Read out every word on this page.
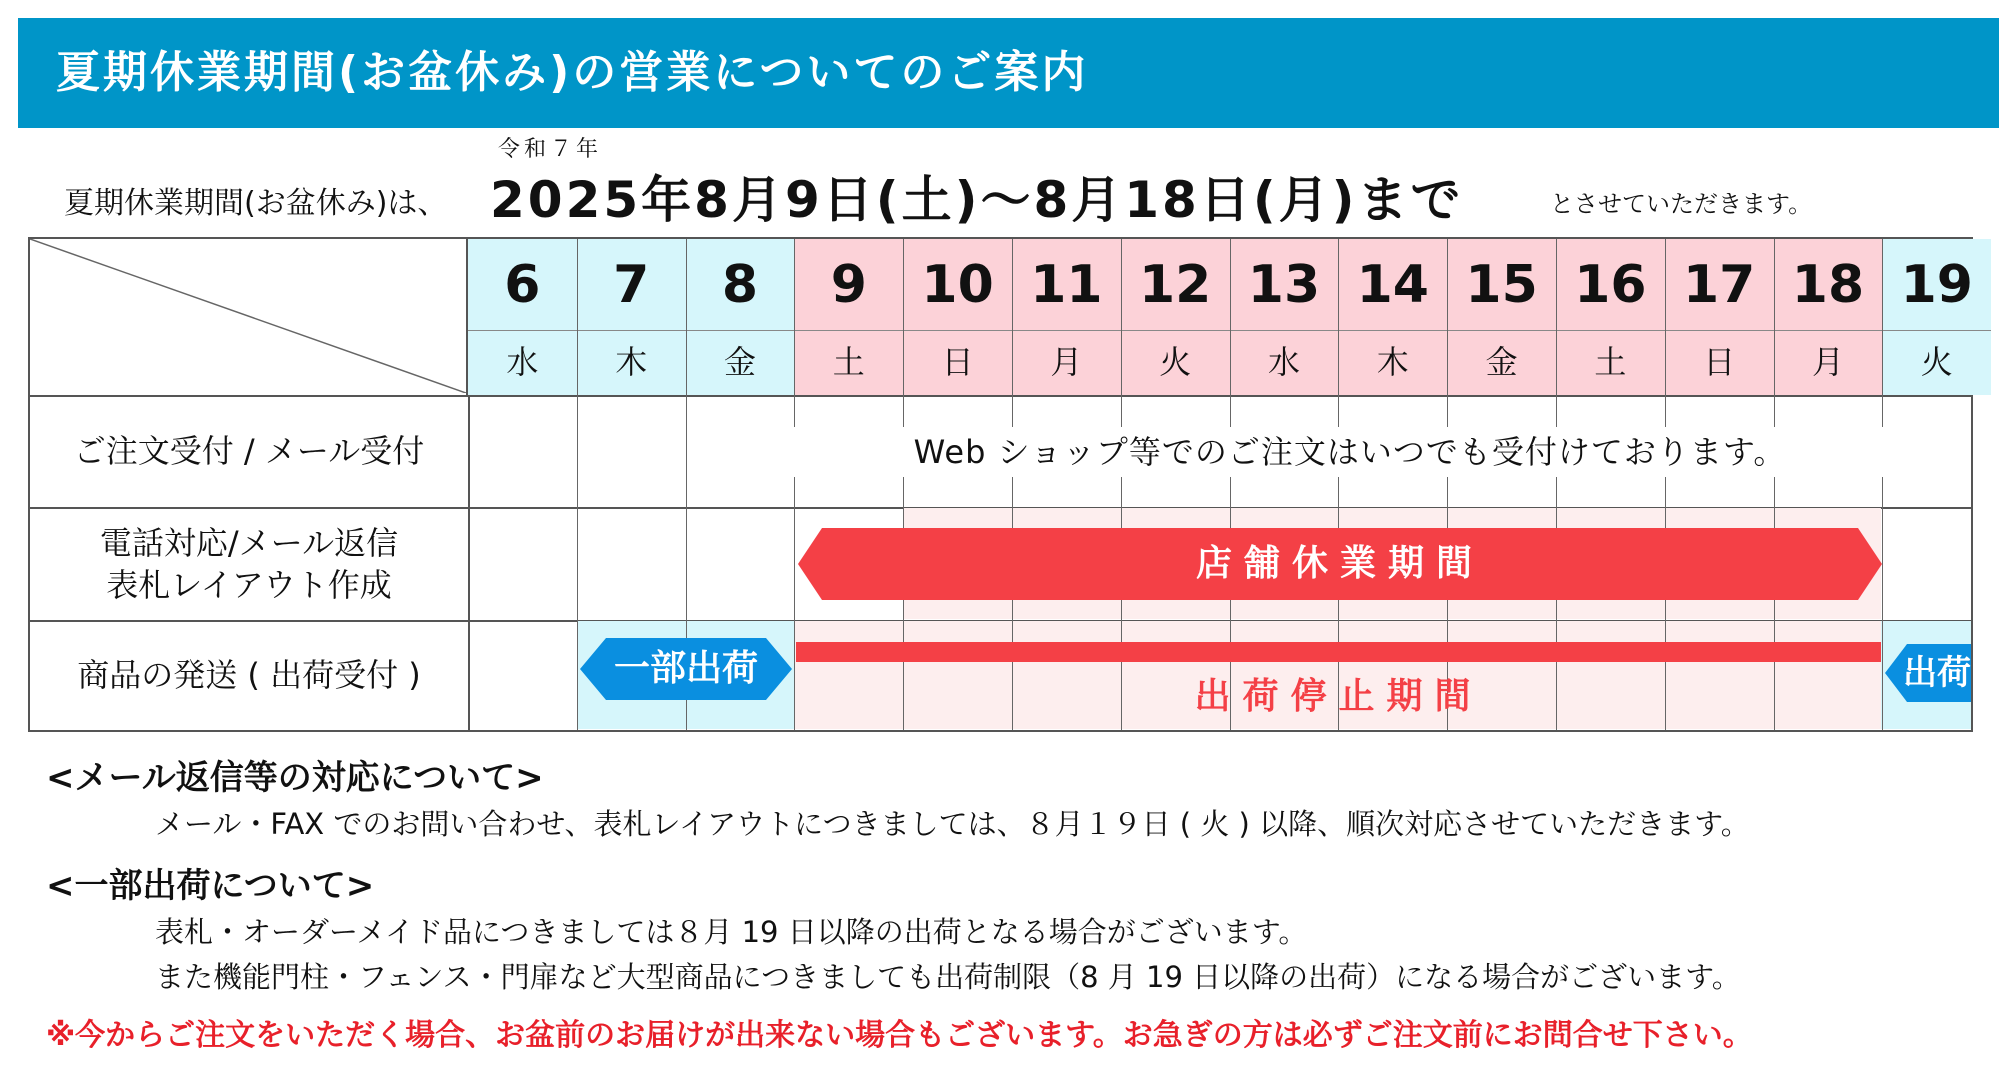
夏期休業期間(お盆休み)の営業についてのご案内
令和７年
夏期休業期間(お盆休み)は、 2025年8月9日(土)～8月18日(月)まで	とさせていただきます。
6
水
7
木
8
金
9
土
10
日
11
月
12
火
13
水
14
木
15
金
16
土
17
日
18
月
19
火
ご注文受付 / メール受付
電話対応/メール返信
表札レイアウト作成
商品の発送 ( 出荷受付 )
Web ショップ等でのご注文はいつでも受付けております。
店舗休業期間
一部出荷
出荷停止期間
出荷
<メール返信等の対応について>
メール・FAX でのお問い合わせ、表札レイアウトにつきましては、８月１９日 ( 火 ) 以降、順次対応させていただきます。
<一部出荷について>
表札・オーダーメイド品につきましては８月 19 日以降の出荷となる場合がございます。
また機能門柱・フェンス・門扉など大型商品につきましても出荷制限（8 月 19 日以降の出荷）になる場合がございます。
※今からご注文をいただく場合、お盆前のお届けが出来ない場合もございます。お急ぎの方は必ずご注文前にお問合せ下さい。
